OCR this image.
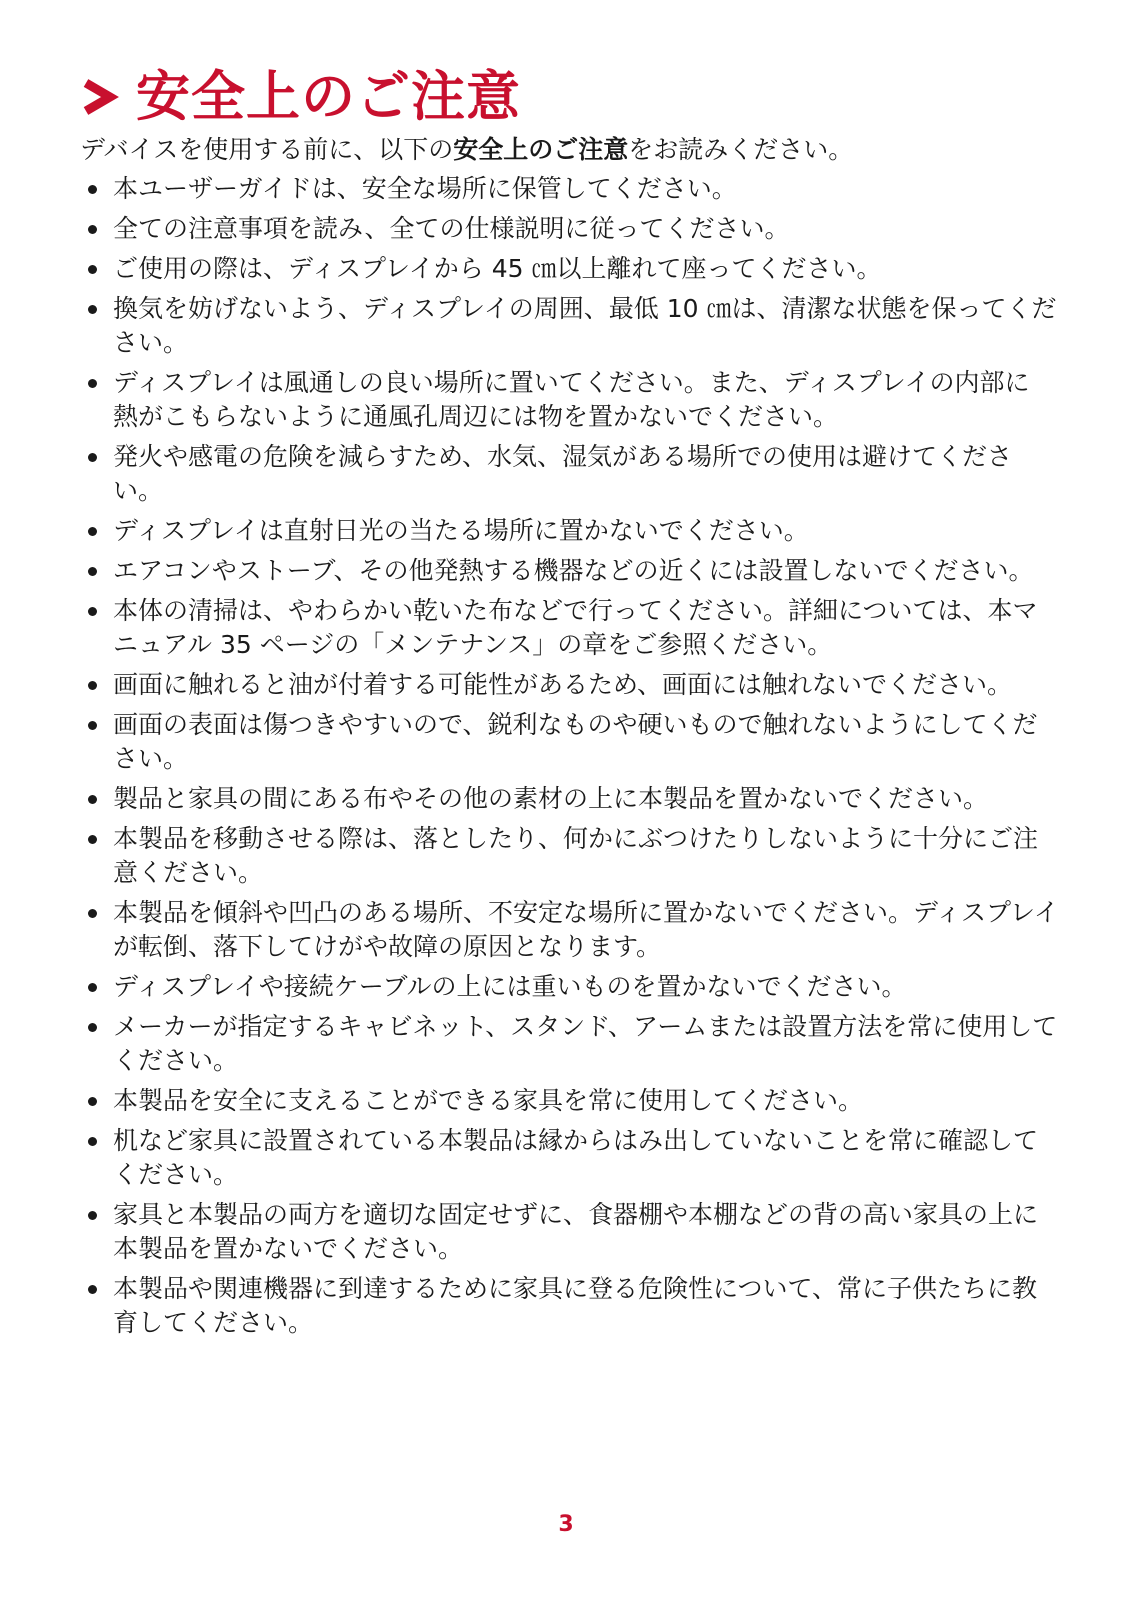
安全上のご注意
デバイスを使用する前に、以下の安全上のご注意をお読みください。
本ユーザーガイドは、安全な場所に保管してください。
全ての注意事項を読み、全ての仕様説明に従ってください。
ご使用の際は、ディスプレイから 45 ㎝以上離れて座ってください。
換気を妨げないよう、ディスプレイの周囲、最低 10 ㎝は、清潔な状態を保ってください。
ディスプレイは風通しの良い場所に置いてください。また、ディスプレイの内部に 熱がこもらないように通風孔周辺には物を置かないでください。
発火や感電の危険を減らすため、水気、湿気がある場所での使用は避けてください。
ディスプレイは直射日光の当たる場所に置かないでください。
エアコンやストーブ、その他発熱する機器などの近くには設置しないでください。
本体の清掃は、やわらかい乾いた布などで行ってください。詳細については、本マニュアル 35 ページの「メンテナンス」の章をご参照ください。
画面に触れると油が付着する可能性があるため、画面には触れないでください。
画面の表面は傷つきやすいので、鋭利なものや硬いもので触れないようにしてください。
製品と家具の間にある布やその他の素材の上に本製品を置かないでください。
本製品を移動させる際は、落としたり、何かにぶつけたりしないように十分にご注意ください。
本製品を傾斜や凹凸のある場所、不安定な場所に置かないでください。ディスプレイが転倒、落下してけがや故障の原因となります。
ディスプレイや接続ケーブルの上には重いものを置かないでください。
メーカーが指定するキャビネット、スタンド、アームまたは設置方法を常に使用してください。
本製品を安全に支えることができる家具を常に使用してください。
机など家具に設置されている本製品は縁からはみ出していないことを常に確認してください。
家具と本製品の両方を適切な固定せずに、食器棚や本棚などの背の高い家具の上に本製品を置かないでください。
本製品や関連機器に到達するために家具に登る危険性について、常に子供たちに教育してください。
3
